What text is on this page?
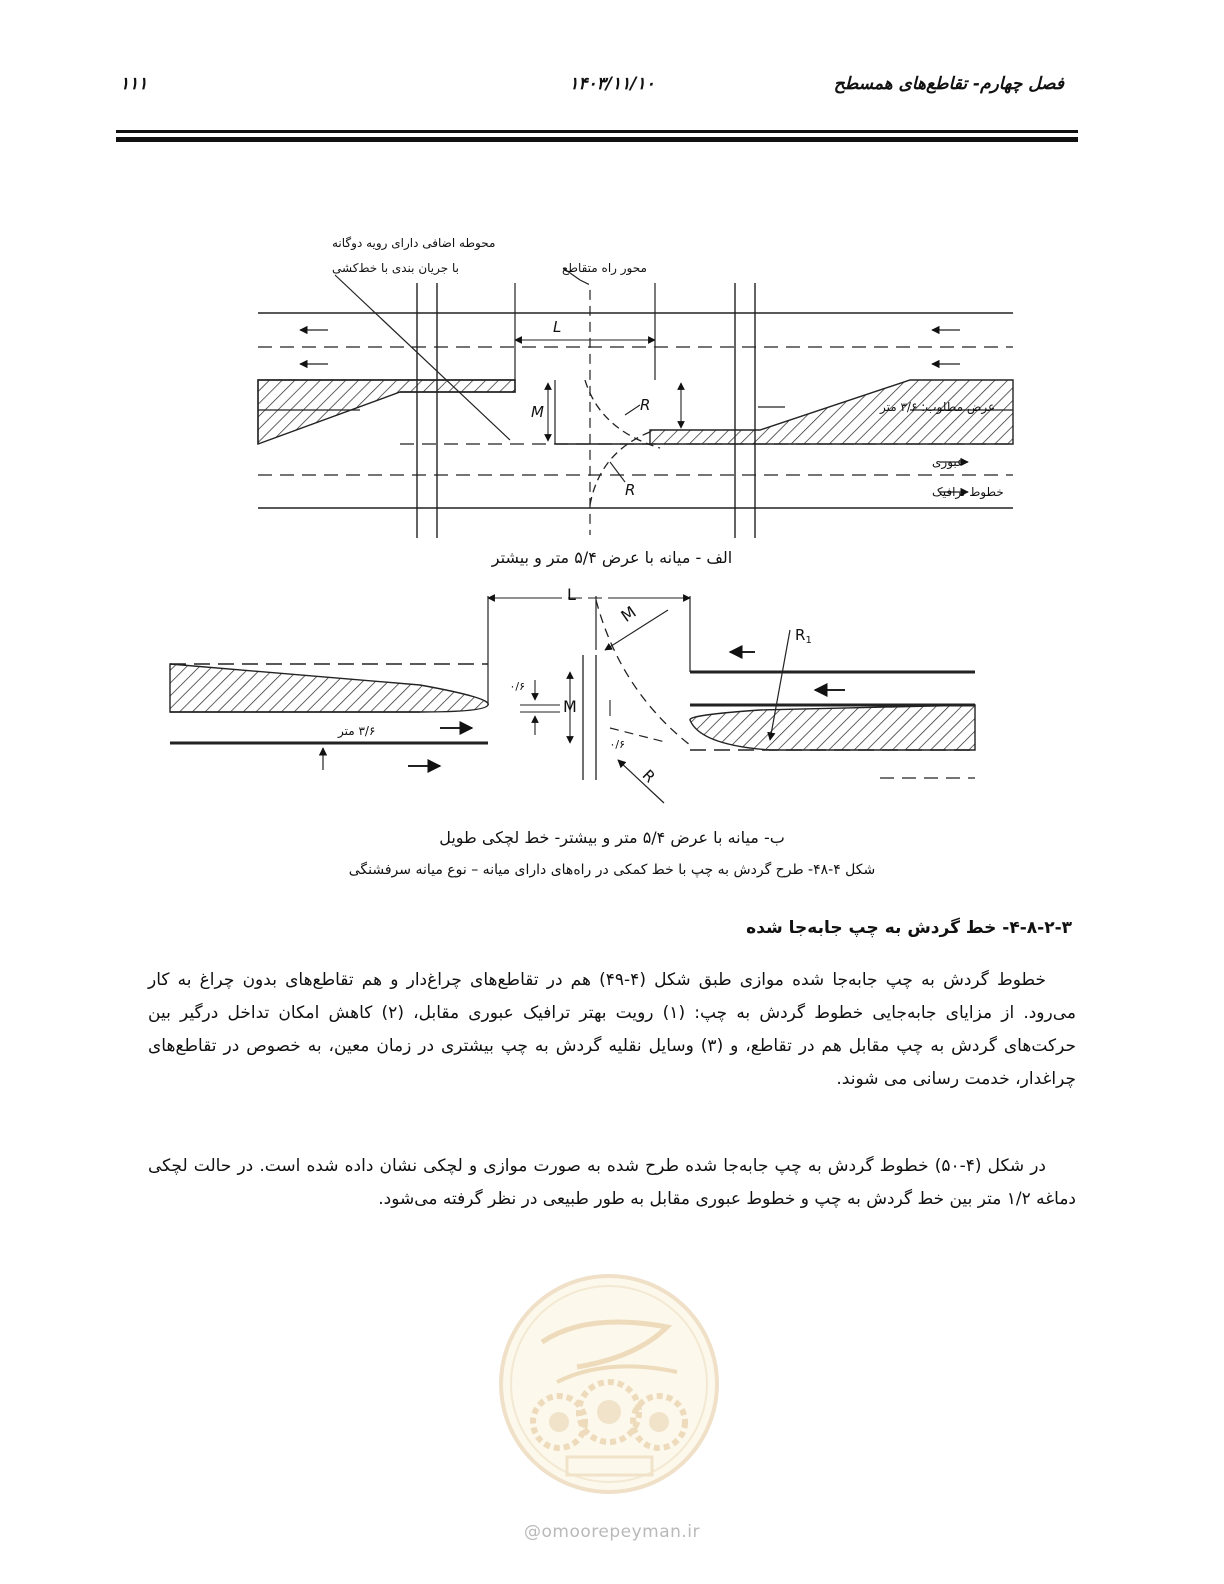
فصل چهارم- تقاطع‌های همسطح
۱۴۰۳/۱۱/۱۰
۱۱۱
محوطه اضافی دارای رویه دوگانه
با جریان بندی با خط‌کشی	محور راه متقاطع
عرض مطلوب: ۳/۶ متر
عبوری
خطوط ترافیک
L
M	R
R
L
M
M
$R_1$
R
۰/۶
۰/۶
۳/۶ متر
الف - میانه با عرض ۵/۴ متر و بیشتر
ب- میانه با عرض ۵/۴ متر و بیشتر- خط لچکی طویل
شکل ۴-۴۸- طرح گردش به چپ با خط کمکی در راه‌های دارای میانه – نوع میانه سرفشنگی
۴-۸-۲-۳- خط گردش به چپ جابه‌جا شده

خطوط گردش به چپ جابه‌جا شده موازی طبق شکل (۴-۴۹) هم در تقاطع‌های چراغ‌دار و هم تقاطع‌های بدون چراغ به کار می‌رود. از مزایای جابه‌جایی خطوط گردش به چپ: (۱) رویت بهتر ترافیک عبوری مقابل، (۲) کاهش امکان تداخل درگیر بین حرکت‌های گردش به چپ مقابل هم در تقاطع، و (۳) وسایل نقلیه گردش به چپ بیشتری در زمان معین، به خصوص در تقاطع‌های چراغدار، خدمت رسانی می شوند.

در شکل (۴-۵۰) خطوط گردش به چپ جابه‌جا شده طرح شده به صورت موازی و لچکی نشان داده شده است. در حالت لچکی دماغه ۱/۲ متر بین خط گردش به چپ و خطوط عبوری مقابل به طور طبیعی در نظر گرفته می‌شود.

@omoorepeyman.ir
